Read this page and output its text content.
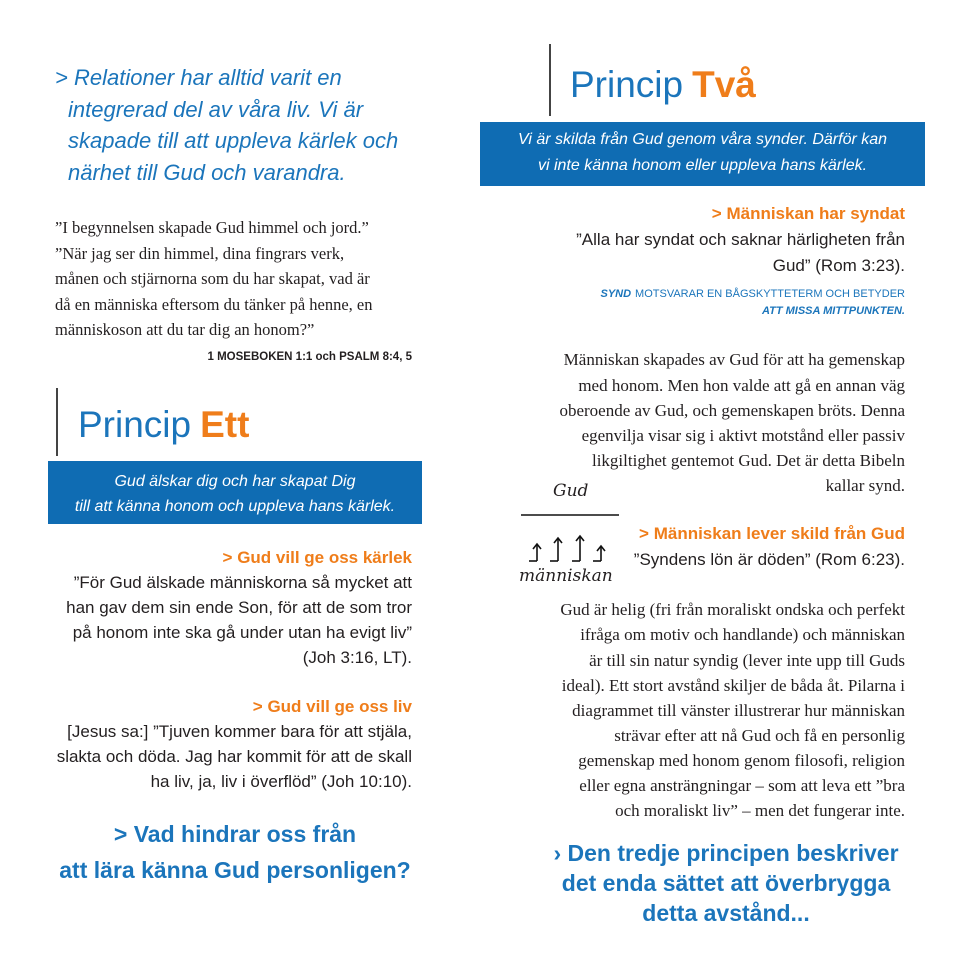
> Relationer har alltid varit en
integrerad del av våra liv. Vi är
skapade till att uppleva kärlek och
närhet till Gud och varandra.
”I begynnelsen skapade Gud himmel och jord.”
”När jag ser din himmel, dina fingrars verk,
månen och stjärnorna som du har skapat, vad är
då en människa eftersom du tänker på henne, en
människoson att du tar dig an honom?”
1 MOSEBOKEN 1:1 och PSALM 8:4, 5
Princip Ett
Gud älskar dig och har skapat Dig
till att känna honom och uppleva hans kärlek.
> Gud vill ge oss kärlek
”För Gud älskade människorna så mycket att
han gav dem sin ende Son, för att de som tror
på honom inte ska gå under utan ha evigt liv”
(Joh 3:16, LT).
> Gud vill ge oss liv
[Jesus sa:] ”Tjuven kommer bara för att stjäla,
slakta och döda. Jag har kommit för att de skall
ha liv, ja, liv i överflöd” (Joh 10:10).
> Vad hindrar oss från
att lära känna Gud personligen?
Princip Två
Vi är skilda från Gud genom våra synder. Därför kan
vi inte känna honom eller uppleva hans kärlek.
> Människan har syndat
”Alla har syndat och saknar härligheten från
Gud” (Rom 3:23).
SYND MOTSVARAR EN BÅGSKYTTETERM OCH BETYDER
ATT MISSA MITTPUNKTEN.
Människan skapades av Gud för att ha gemenskap
med honom. Men hon valde att gå en annan väg
oberoende av Gud, och gemenskapen bröts. Denna
egenvilja visar sig i aktivt motstånd eller passiv
likgiltighet gentemot Gud. Det är detta Bibeln
kallar synd.
Gud
människan
> Människan lever skild från Gud
”Syndens lön är döden” (Rom 6:23).
Gud är helig (fri från moraliskt ondska och perfekt
ifråga om motiv och handlande) och människan
är till sin natur syndig (lever inte upp till Guds
ideal). Ett stort avstånd skiljer de båda åt. Pilarna i
diagrammet till vänster illustrerar hur människan
strävar efter att nå Gud och få en personlig
gemenskap med honom genom filosofi, religion
eller egna ansträngningar – som att leva ett ”bra
och moraliskt liv” – men det fungerar inte.
› Den tredje principen beskriver
det enda sättet att överbrygga
detta avstånd...
